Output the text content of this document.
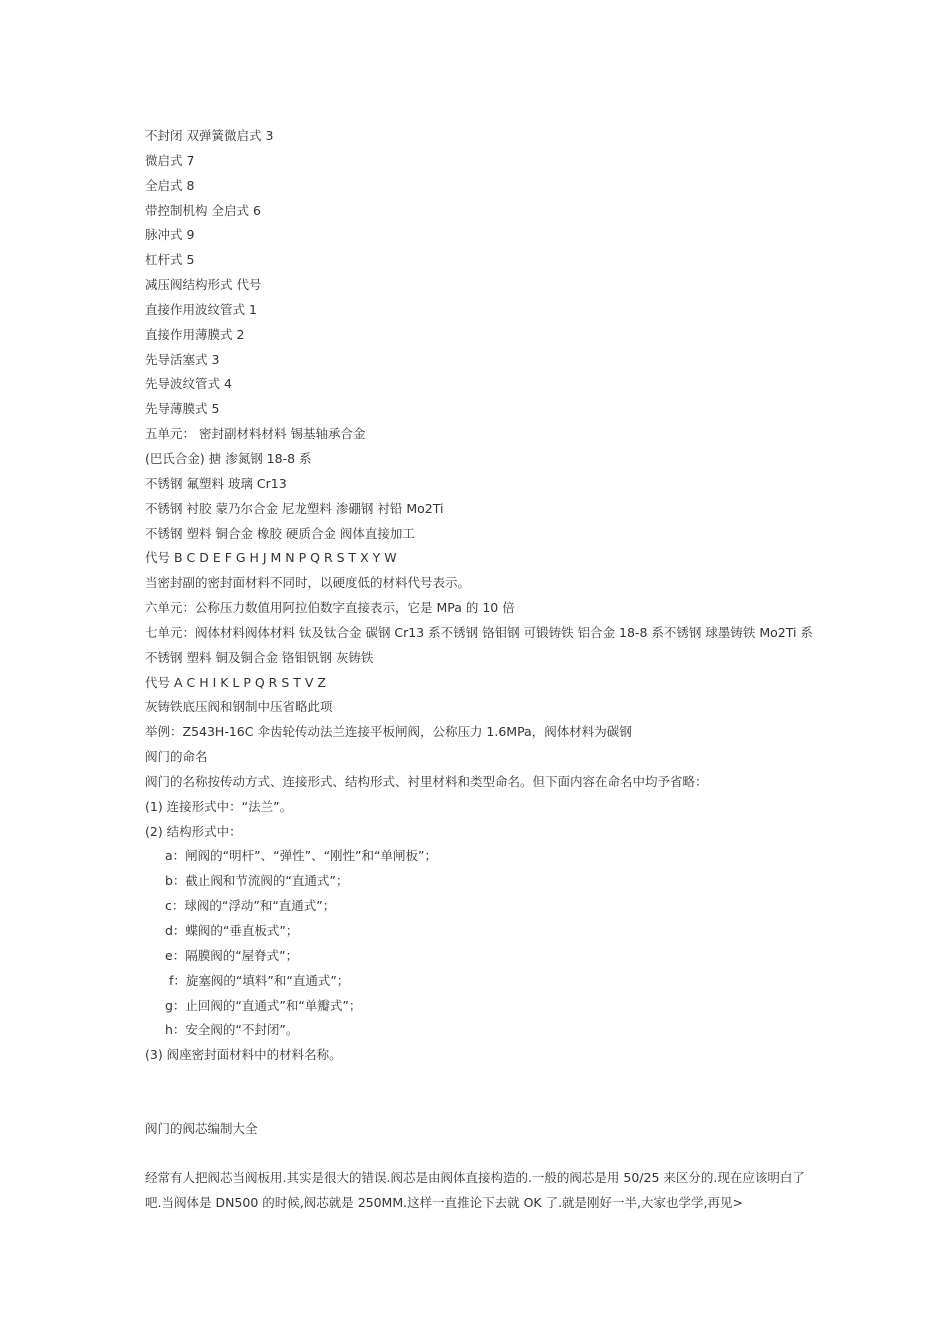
不封闭 双弹簧微启式 3
微启式 7
全启式 8
带控制机构 全启式 6
脉冲式 9
杠杆式 5
减压阀结构形式 代号
直接作用波纹管式 1
直接作用薄膜式 2
先导活塞式 3
先导波纹管式 4
先导薄膜式 5
五单元： 密封副材料材料 锡基轴承合金
(巴氏合金) 搪 渗氮钢 18-8 系
不锈钢 氟塑料 玻璃 Cr13
不锈钢 衬胶 蒙乃尔合金 尼龙塑料 渗硼钢 衬铅 Mo2Ti
不锈钢 塑料 铜合金 橡胶 硬质合金 阀体直接加工
代号 B C D E F G H J M N P Q R S T X Y W
当密封副的密封面材料不同时，以硬度低的材料代号表示。
六单元：公称压力数值用阿拉伯数字直接表示，它是 MPa 的 10 倍
七单元：阀体材料阀体材料 钛及钛合金 碳钢 Cr13 系不锈钢 铬钼钢 可锻铸铁 铝合金 18-8 系不锈钢 球墨铸铁 Mo2Ti 系
不锈钢 塑料 铜及铜合金 铬钼钒钢 灰铸铁
代号 A C H I K L P Q R S T V Z
灰铸铁底压阀和钢制中压省略此项
举例：Z543H-16C 伞齿轮传动法兰连接平板闸阀，公称压力 1.6MPa，阀体材料为碳钢
阀门的命名
阀门的名称按传动方式、连接形式、结构形式、衬里材料和类型命名。但下面内容在命名中均予省略：
(1) 连接形式中：“法兰”。
(2) 结构形式中：
a：闸阀的“明杆”、“弹性”、“刚性”和“单闸板”；
b：截止阀和节流阀的“直通式”；
c：球阀的“浮动”和“直通式”；
d：蝶阀的“垂直板式”；
e：隔膜阀的“屋脊式”；
f：旋塞阀的“填料”和“直通式”；
g：止回阀的“直通式”和“单瓣式”；
h：安全阀的“不封闭”。
(3) 阀座密封面材料中的材料名称。
阀门的阀芯编制大全
经常有人把阀芯当阀板用.其实是很大的错误.阀芯是由阀体直接构造的.一般的阀芯是用 50/25 来区分的.现在应该明白了吧.当阀体是 DN500 的时候,阀芯就是 250MM.这样一直推论下去就 OK 了.就是刚好一半,大家也学学,再见>
